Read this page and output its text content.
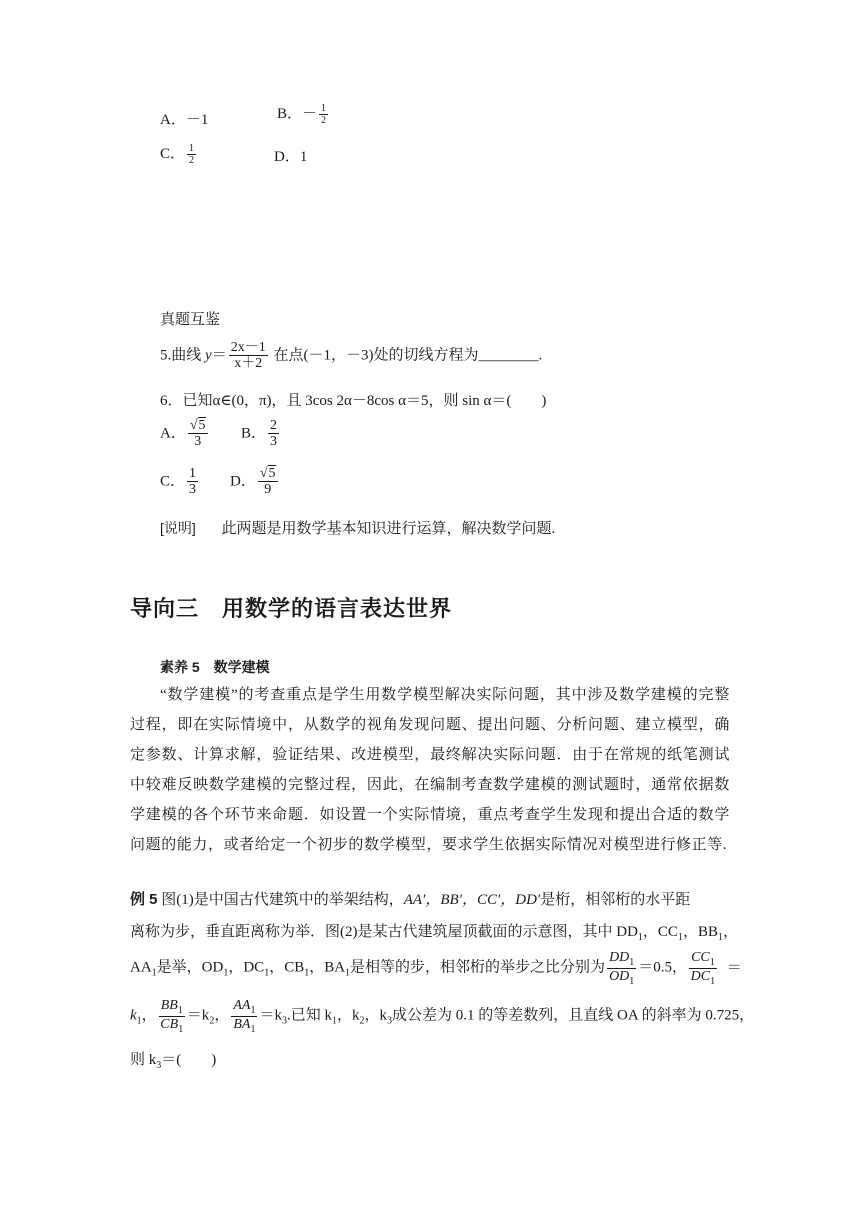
A．－1	B．－ $\frac{1}{2}$
C． $\frac{1}{2}$	D．1
真题互鉴
5.曲线 $y= \frac{2x-1}{x+2}$ 在点(－1，－3)处的切线方程为________.
6．已知α∈(0，π)，且 3cos 2α－8cos α＝5，则 sin α＝(　　)
A． $\frac{√5}{3}$ B． $\frac{2}{3}$
C． $\frac{1}{3}$ D． $\frac{√5}{9}$
[说明] 此两题是用数学基本知识进行运算，解决数学问题.
导向三　用数学的语言表达世界
素养 5　数学建模
“数学建模”的考查重点是学生用数学模型解决实际问题，其中涉及数学建模的完整过程，即在实际情境中，从数学的视角发现问题、提出问题、分析问题、建立模型，确定参数、计算求解，验证结果、改进模型，最终解决实际问题．由于在常规的纸笔测试中较难反映数学建模的完整过程，因此，在编制考查数学建模的测试题时，通常依据数学建模的各个环节来命题．如设置一个实际情境，重点考查学生发现和提出合适的数学问题的能力，或者给定一个初步的数学模型，要求学生依据实际情况对模型进行修正等.
例 5 图(1)是中国古代建筑中的举架结构，AA′，BB′，CC′，DD′是桁，相邻桁的水平距
离称为步，垂直距离称为举．图(2)是某古代建筑屋顶截面的示意图，其中 $DD_1$，$CC_1$，$BB_1$，
$AA_1$是举，$OD_1$，$DC_1$，$CB_1$，$BA_1$是相等的步，相邻桁的举步之比分别为 $\frac{DD_1}{OD_1} =0.5$， $\frac{CC_1}{DC_1}$ ＝
$k_1$， $\frac{BB_1}{CB_1} =k_2$， $\frac{AA_1}{BA_1} =k_3$.已知 $k_1$，$k_2$，$k_3$成公差为 0.1 的等差数列，且直线 OA 的斜率为 0.725，
则 $k_3=$(　　)
